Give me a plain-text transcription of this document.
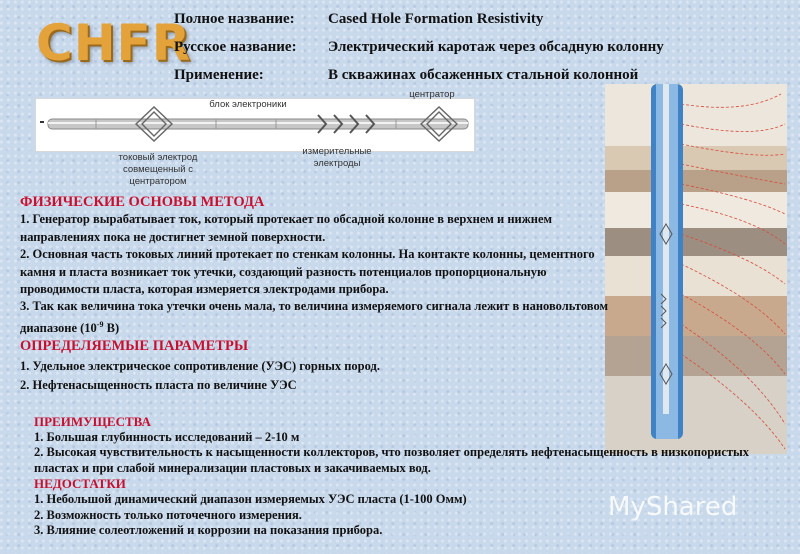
CHFR
Полное название: Cased Hole Formation Resistivity
Русское название: Электрический каротаж через обсадную колонну
Применение:	В скважинах обсаженных стальной колонной
блок электроники
центратор
токовый электрод совмещенный с центратором
измерительные электроды
ФИЗИЧЕСКИЕ ОСНОВЫ МЕТОДА

1. Генератор вырабатывает ток, который протекает по обсадной колонне в верхнем и нижнем направлениях пока не достигнет земной поверхности.

2. Основная часть токовых линий протекает по стенкам колонны. На контакте колонны, цементного камня и пласта возникает ток утечки, создающий разность потенциалов пропорциональную проводимости пласта, которая измеряется электродами прибора.

3. Так как величина тока утечки очень мала, то величина измеряемого сигнала лежит в нановольтовом диапазоне ($10^{-9}$ В)

ОПРЕДЕЛЯЕМЫЕ ПАРАМЕТРЫ

1. Удельное электрическое сопротивление (УЭС) горных пород.

2. Нефтенасыщенность пласта по величине УЭС

ПРЕИМУЩЕСТВА

1. Большая глубинность исследований – 2-10 м

2. Высокая чувствительность к насыщенности коллекторов, что позволяет определять нефтенасыщенность в низкопористых пластах и при слабой минерализации пластовых и закачиваемых вод.

НЕДОСТАТКИ

1. Небольшой динамический диапазон измеряемых УЭС пласта (1-100 Омм)

2. Возможность только поточечного измерения.

3. Влияние солеотложений и коррозии на показания прибора.

MyShared
